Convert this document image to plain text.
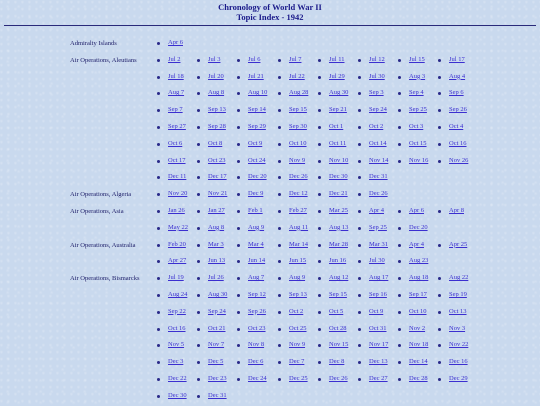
Chronology of World War II
Topic Index - 1942
Admiralty Islands	Apr 6
Air Operations, Aleutians	Jul 2	Jul 3	Jul 6	Jul 7	Jul 11	Jul 12	Jul 15	Jul 17
Jul 18	Jul 20	Jul 21	Jul 22	Jul 29	Jul 30	Aug 3	Aug 4
Aug 7	Aug 8	Aug 10	Aug 28	Aug 30	Sep 3	Sep 4	Sep 6
Sep 7	Sep 13	Sep 14	Sep 15	Sep 21	Sep 24	Sep 25	Sep 26
Sep 27	Sep 28	Sep 29	Sep 30	Oct 1	Oct 2	Oct 3	Oct 4
Oct 6	Oct 8	Oct 9	Oct 10	Oct 11	Oct 14	Oct 15	Oct 16
Oct 17	Oct 23	Oct 24	Nov 9	Nov 10	Nov 14	Nov 16	Nov 26
Dec 11	Dec 17	Dec 20	Dec 26	Dec 30	Dec 31
Air Operations, Algeria	Nov 20	Nov 21	Dec 9	Dec 12	Dec 21	Dec 26
Air Operations, Asia	Jan 26	Jan 27	Feb 1	Feb 27	Mar 25	Apr 4	Apr 6	Apr 8
May 22	Aug 8	Aug 9	Aug 11	Aug 13	Sep 25	Dec 20
Air Operations, Australia	Feb 20	Mar 3	Mar 4	Mar 14	Mar 28	Mar 31	Apr 4	Apr 25
Apr 27	Jun 13	Jun 14	Jun 15	Jun 16	Jul 30	Aug 23
Air Operations, Bismarcks	Jul 19	Jul 26	Aug 7	Aug 9	Aug 12	Aug 17	Aug 18	Aug 22
Aug 24	Aug 30	Sep 12	Sep 13	Sep 15	Sep 16	Sep 17	Sep 19
Sep 22	Sep 24	Sep 26	Oct 2	Oct 5	Oct 9	Oct 10	Oct 13
Oct 16	Oct 21	Oct 23	Oct 25	Oct 28	Oct 31	Nov 2	Nov 3
Nov 5	Nov 7	Nov 8	Nov 9	Nov 15	Nov 17	Nov 18	Nov 22
Dec 3	Dec 5	Dec 6	Dec 7	Dec 8	Dec 13	Dec 14	Dec 16
Dec 22	Dec 23	Dec 24	Dec 25	Dec 26	Dec 27	Dec 28	Dec 29
Dec 30	Dec 31
